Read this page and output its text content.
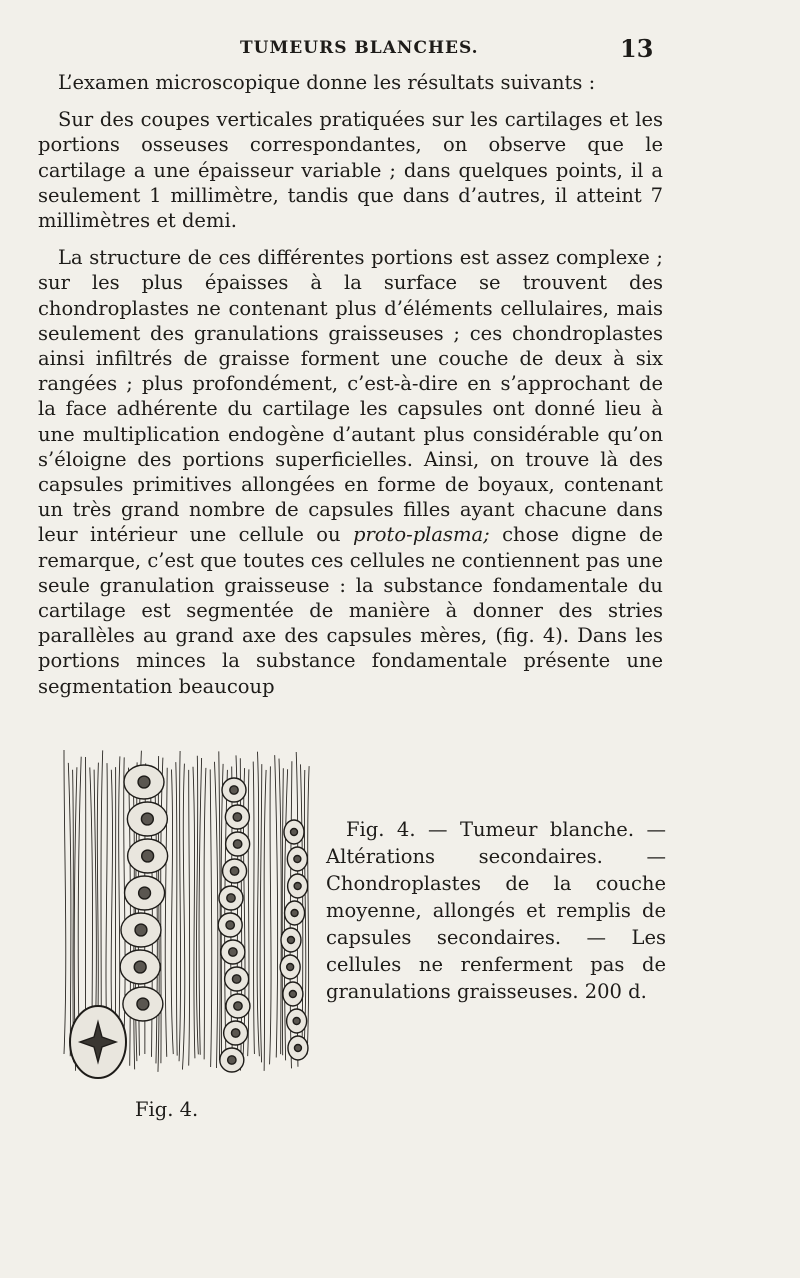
TUMEURS BLANCHES.	13

L’examen microscopique donne les résultats suivants :

Sur des coupes verticales pratiquées sur les cartilages et les portions osseuses correspondantes, on observe que le cartilage a une épaisseur variable ; dans quelques points, il a seulement 1 millimètre, tandis que dans d’autres, il atteint 7 millimètres et demi.

La structure de ces différentes portions est assez complexe ; sur les plus épaisses à la surface se trouvent des chondroplastes ne contenant plus d’éléments cellulaires, mais seulement des granulations graisseuses ; ces chondroplastes ainsi infiltrés de graisse forment une couche de deux à six rangées ; plus profondément, c’est-à-dire en s’approchant de la face adhérente du cartilage les capsules ont donné lieu à une multiplication endogène d’autant plus considérable qu’on s’éloigne des portions superficielles. Ainsi, on trouve là des capsules primitives allongées en forme de boyaux, contenant un très grand nombre de capsules filles ayant chacune dans leur intérieur une cellule ou proto-plasma; chose digne de remarque, c’est que toutes ces cellules ne contiennent pas une seule granulation graisseuse : la substance fondamentale du cartilage est segmentée de manière à donner des stries parallèles au grand axe des capsules mères, (fig. 4). Dans les portions minces la substance fondamentale présente une segmentation beaucoup

Fig. 4. — Tumeur blanche. — Altérations secondaires. — Chondroplastes de la couche moyenne, allongés et remplis de capsules secondaires. — Les cellules ne renferment pas de granulations graisseuses. 200 d.
Fig. 4.
